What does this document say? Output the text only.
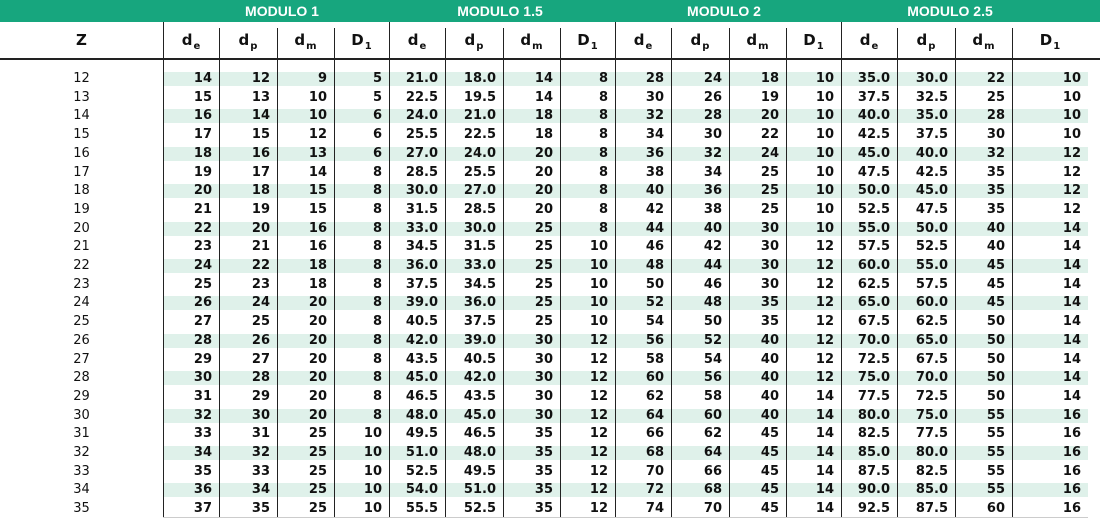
MODULO 1	MODULO 1.5	MODULO 2	MODULO 2.5
Z	$d_e$	$d_p$	$d_m$	$D_1$	$d_e$	$d_p$	$d_m$	$D_1$	$d_e$	$d_p$	$d_m$	$D_1$	$d_e$	$d_p$	$d_m$	$D_1$
12	14	12	9	5	21.0	18.0	14	8	28	24	18	10	35.0	30.0	22	10
13	15	13	10	5	22.5	19.5	14	8	30	26	19	10	37.5	32.5	25	10
14	16	14	10	6	24.0	21.0	18	8	32	28	20	10	40.0	35.0	28	10
15	17	15	12	6	25.5	22.5	18	8	34	30	22	10	42.5	37.5	30	10
16	18	16	13	6	27.0	24.0	20	8	36	32	24	10	45.0	40.0	32	12
17	19	17	14	8	28.5	25.5	20	8	38	34	25	10	47.5	42.5	35	12
18	20	18	15	8	30.0	27.0	20	8	40	36	25	10	50.0	45.0	35	12
19	21	19	15	8	31.5	28.5	20	8	42	38	25	10	52.5	47.5	35	12
20	22	20	16	8	33.0	30.0	25	8	44	40	30	10	55.0	50.0	40	14
21	23	21	16	8	34.5	31.5	25	10	46	42	30	12	57.5	52.5	40	14
22	24	22	18	8	36.0	33.0	25	10	48	44	30	12	60.0	55.0	45	14
23	25	23	18	8	37.5	34.5	25	10	50	46	30	12	62.5	57.5	45	14
24	26	24	20	8	39.0	36.0	25	10	52	48	35	12	65.0	60.0	45	14
25	27	25	20	8	40.5	37.5	25	10	54	50	35	12	67.5	62.5	50	14
26	28	26	20	8	42.0	39.0	30	12	56	52	40	12	70.0	65.0	50	14
27	29	27	20	8	43.5	40.5	30	12	58	54	40	12	72.5	67.5	50	14
28	30	28	20	8	45.0	42.0	30	12	60	56	40	12	75.0	70.0	50	14
29	31	29	20	8	46.5	43.5	30	12	62	58	40	14	77.5	72.5	50	14
30	32	30	20	8	48.0	45.0	30	12	64	60	40	14	80.0	75.0	55	16
31	33	31	25	10	49.5	46.5	35	12	66	62	45	14	82.5	77.5	55	16
32	34	32	25	10	51.0	48.0	35	12	68	64	45	14	85.0	80.0	55	16
33	35	33	25	10	52.5	49.5	35	12	70	66	45	14	87.5	82.5	55	16
34	36	34	25	10	54.0	51.0	35	12	72	68	45	14	90.0	85.0	55	16
35	37	35	25	10	55.5	52.5	35	12	74	70	45	14	92.5	87.5	60	16
